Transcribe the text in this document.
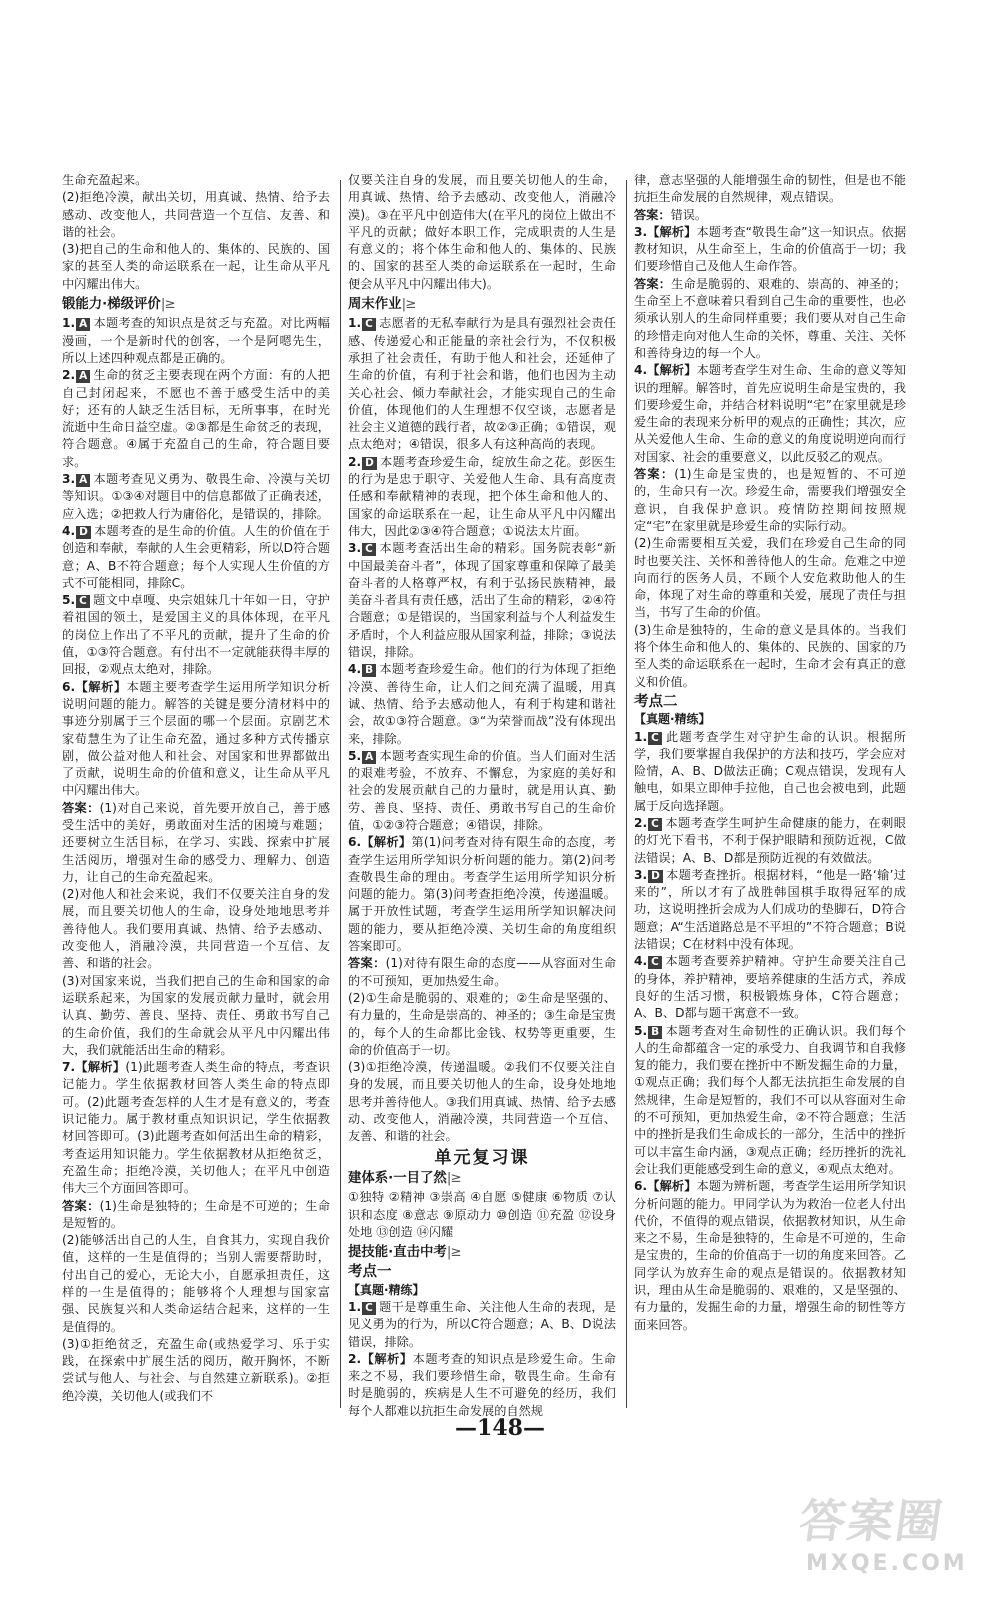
生命充盈起来。

(2)拒绝冷漠，献出关切，用真诚、热情、给予去感动、改变他人，共同营造一个互信、友善、和谐的社会。

(3)把自己的生命和他人的、集体的、民族的、国家的甚至人类的命运联系在一起，让生命从平凡中闪耀出伟大。

锻能力·梯级评价|≥

1. A 本题考查的知识点是贫乏与充盈。对比两幅漫画，一个是新时代的创客，一个是阿嗯先生，所以上述四种观点都是正确的。

2. A 生命的贫乏主要表现在两个方面：有的人把自己封闭起来，不愿也不善于感受生活中的美好；还有的人缺乏生活目标，无所事事，在时光流逝中生命日益空虚。②③都是生命贫乏的表现，符合题意。④属于充盈自己的生命，符合题目要求。

3. A 本题考查见义勇为、敬畏生命、冷漠与关切等知识。①③④对题目中的信息都做了正确表述，应入选；②把救人行为庸俗化，是错误的，排除。

4. D 本题考查的是生命的价值。人生的价值在于创造和奉献，奉献的人生会更精彩，所以D符合题意；A、B不符合题意；每个人实现人生价值的方式不可能相同，排除C。

5. C 题文中卓嘎、央宗姐妹几十年如一日，守护着祖国的领土，是爱国主义的具体体现，在平凡的岗位上作出了不平凡的贡献，提升了生命的价值，①③符合题意。有付出不一定就能获得丰厚的回报，②观点太绝对，排除。

6.【解析】本题主要考查学生运用所学知识分析说明问题的能力。解答的关键是要分清材料中的事迹分别属于三个层面的哪一个层面。京剧艺术家荀慧生为了让生命充盈，通过多种方式传播京剧，做公益对他人和社会、对国家和世界都做出了贡献，说明生命的价值和意义，让生命从平凡中闪耀出伟大。

答案：(1)对自己来说，首先要开放自己，善于感受生活中的美好，勇敢面对生活的困境与难题；还要树立生活目标，在学习、实践、探索中扩展生活阅历，增强对生命的感受力、理解力、创造力，让自己的生命充盈起来。

(2)对他人和社会来说，我们不仅要关注自身的发展，而且要关切他人的生命，设身处地地思考并善待他人。我们要用真诚、热情、给予去感动、改变他人，消融冷漠，共同营造一个互信、友善、和谐的社会。

(3)对国家来说，当我们把自己的生命和国家的命运联系起来，为国家的发展贡献力量时，就会用认真、勤劳、善良、坚持、责任、勇敢书写自己的生命价值，我们的生命就会从平凡中闪耀出伟大，我们就能活出生命的精彩。

7.【解析】(1)此题考查人类生命的特点，考查识记能力。学生依据教材回答人类生命的特点即可。(2)此题考查怎样的人生才是有意义的，考查识记能力。属于教材重点知识识记，学生依据教材回答即可。(3)此题考查如何活出生命的精彩，考查运用知识能力。学生依据教材从拒绝贫乏，充盈生命；拒绝冷漠，关切他人；在平凡中创造伟大三个方面回答即可。

答案：(1)生命是独特的；生命是不可逆的；生命是短暂的。

(2)能够活出自己的人生，自食其力，实现自我价值，这样的一生是值得的；当别人需要帮助时，付出自己的爱心，无论大小，自愿承担责任，这样的一生是值得的；能够将个人理想与国家富强、民族复兴和人类命运结合起来，这样的一生是值得的。

(3)①拒绝贫乏，充盈生命(或热爱学习、乐于实践，在探索中扩展生活的阅历，敞开胸怀，不断尝试与他人、与社会、与自然建立新联系)。②拒绝冷漠，关切他人(或我们不

仅要关注自身的发展，而且要关切他人的生命，用真诚、热情、给予去感动、改变他人，消融冷漠)。③在平凡中创造伟大(在平凡的岗位上做出不平凡的贡献；做好本职工作，完成职责的人生是有意义的；将个体生命和他人的、集体的、民族的、国家的甚至人类的命运联系在一起时，生命便会从平凡中闪耀出伟大)。

周末作业|≥

1. C 志愿者的无私奉献行为是具有强烈社会责任感、传递爱心和正能量的亲社会行为，不仅积极承担了社会责任，有助于他人和社会，还延伸了生命的价值，有利于社会和谐，他们也因为主动关心社会、倾力奉献社会，才能实现自己的生命价值，体现他们的人生理想不仅空谈，志愿者是社会主义道德的践行者，故②③正确；①错误，观点太绝对；④错误，很多人有这种高尚的表现。

2. D 本题考查珍爱生命，绽放生命之花。彭医生的行为是忠于职守、关爱他人生命、具有高度责任感和奉献精神的表现，把个体生命和他人的、国家的命运联系在一起，让生命从平凡中闪耀出伟大，因此②③④符合题意；①说法太片面。

3. C 本题考查活出生命的精彩。国务院表彰“新中国最美奋斗者”，体现了国家尊重和保障了最美奋斗者的人格尊严权，有利于弘扬民族精神，最美奋斗者具有责任感，活出了生命的精彩，②④符合题意；①是错误的，当国家利益与个人利益发生矛盾时，个人利益应服从国家利益，排除；③说法错误，排除。

4. B 本题考查珍爱生命。他们的行为体现了拒绝冷漠、善待生命，让人们之间充满了温暖，用真诚、热情、给予去感动他人，有利于构建和谐社会，故①③符合题意。③“为荣誉而战”没有体现出来，排除。

5. A 本题考查实现生命的价值。当人们面对生活的艰难考验，不放弃、不懈怠，为家庭的美好和社会的发展贡献自己的力量时，就是用认真、勤劳、善良、坚持、责任、勇敢书写自己的生命价值，①②③符合题意；④错误，排除。

6.【解析】第(1)问考查对待有限生命的态度，考查学生运用所学知识分析问题的能力。第(2)问考查敬畏生命的理由。考查学生运用所学知识分析问题的能力。第(3)问考查拒绝冷漠，传递温暖。属于开放性试题，考查学生运用所学知识解决问题的能力，要从拒绝冷漠、关切生命的角度组织答案即可。

答案：(1)对待有限生命的态度——从容面对生命的不可预知，更加热爱生命。

(2)①生命是脆弱的、艰难的；②生命是坚强的、有力量的，生命是崇高的、神圣的；③生命是宝贵的，每个人的生命都比金钱、权势等更重要，生命的价值高于一切。

(3)①拒绝冷漠，传递温暖。②我们不仅要关注自身的发展，而且要关切他人的生命，设身处地地思考并善待他人。③我们用真诚、热情、给予去感动、改变他人，消融冷漠，共同营造一个互信、友善、和谐的社会。

单元复习课
建体系·一目了然|≥

①独特 ②精神 ③崇高 ④自愿 ⑤健康 ⑥物质 ⑦认识和态度 ⑧意志 ⑨原动力 ⑩创造 ⑪充盈 ⑫设身处地 ⑬创造 ⑭闪耀

提技能·直击中考|≥
考点一
【真题·精练】

1. C 题干是尊重生命、关注他人生命的表现，是见义勇为的行为，所以C符合题意；A、B、D说法错误，排除。

2.【解析】本题考查的知识点是珍爱生命。生命来之不易，我们要珍惜生命，敬畏生命。生命有时是脆弱的，疾病是人生不可避免的经历，我们每个人都难以抗拒生命发展的自然规

律，意志坚强的人能增强生命的韧性，但是也不能抗拒生命发展的自然规律，观点错误。

答案：错误。

3.【解析】本题考查“敬畏生命”这一知识点。依据教材知识，从生命至上，生命的价值高于一切；我们要珍惜自己及他人生命作答。

答案：生命是脆弱的、艰难的、崇高的、神圣的；生命至上不意味着只看到自己生命的重要性，也必须承认别人的生命同样重要；我们要从对自己生命的珍惜走向对他人生命的关怀，尊重、关注、关怀和善待身边的每一个人。

4.【解析】本题考查学生对生命、生命的意义等知识的理解。解答时，首先应说明生命是宝贵的，我们要珍爱生命，并结合材料说明“宅”在家里就是珍爱生命的表现来分析甲的观点的正确性；其次，应从关爱他人生命、生命的意义的角度说明逆向而行对国家、社会的重要意义，以此反驳乙的观点。

答案：(1)生命是宝贵的，也是短暂的、不可逆的，生命只有一次。珍爱生命，需要我们增强安全意识，自我保护意识。疫情防控期间按照规定“宅”在家里就是珍爱生命的实际行动。

(2)生命需要相互关爱，我们在珍爱自己生命的同时也要关注、关怀和善待他人的生命。危难之中逆向而行的医务人员，不顾个人安危救助他人的生命，体现了对生命的尊重和关爱，展现了责任与担当，书写了生命的价值。

(3)生命是独特的，生命的意义是具体的。当我们将个体生命和他人的、集体的、民族的、国家的乃至人类的命运联系在一起时，生命才会有真正的意义和价值。

考点二
【真题·精练】

1. C 此题考查学生对守护生命的认识。根据所学，我们要掌握自我保护的方法和技巧，学会应对险情，A、B、D做法正确；C观点错误，发现有人触电，如果立即伸手拉他，自己也会被电到，此题属于反向选择题。

2. C 本题考查学生呵护生命健康的能力，在刺眼的灯光下看书，不利于保护眼睛和预防近视，C做法错误；A、B、D都是预防近视的有效做法。

3. D 本题考查挫折。根据材料，“他是一路‘输’过来的”，所以才有了战胜韩国棋手取得冠军的成功，这说明挫折会成为人们成功的垫脚石，D符合题意；A“生活道路总是不平坦的”不符合题意；B说法错误；C在材料中没有体现。

4. C 本题考查要养护精神。守护生命要关注自己的身体，养护精神，要培养健康的生活方式，养成良好的生活习惯，积极锻炼身体，C符合题意；A、B、D都与题干寓意不一致。

5. B 本题考查对生命韧性的正确认识。我们每个人的生命都蕴含一定的承受力、自我调节和自我修复的能力，我们要在挫折中不断发掘生命的力量，①观点正确；我们每个人都无法抗拒生命发展的自然规律，生命是短暂的，我们不可以从容面对生命的不可预知，更加热爱生命，②不符合题意；生活中的挫折是我们生命成长的一部分，生活中的挫折可以丰富生命内涵，③观点正确；经历挫折的洗礼会让我们更能感受到生命的意义，④观点太绝对。

6.【解析】本题为辨析题，考查学生运用所学知识分析问题的能力。甲同学认为为救治一位老人付出代价，不值得的观点错误，依据教材知识，从生命来之不易，生命是独特的，生命是不可逆的，生命是宝贵的，生命的价值高于一切的角度来回答。乙同学认为放弃生命的观点是错误的。依据教材知识，理由从生命是脆弱的、艰难的，又是坚强的、有力量的，发掘生命的力量，增强生命的韧性等方面来回答。

—148—
答案圈
MXQE.COM
